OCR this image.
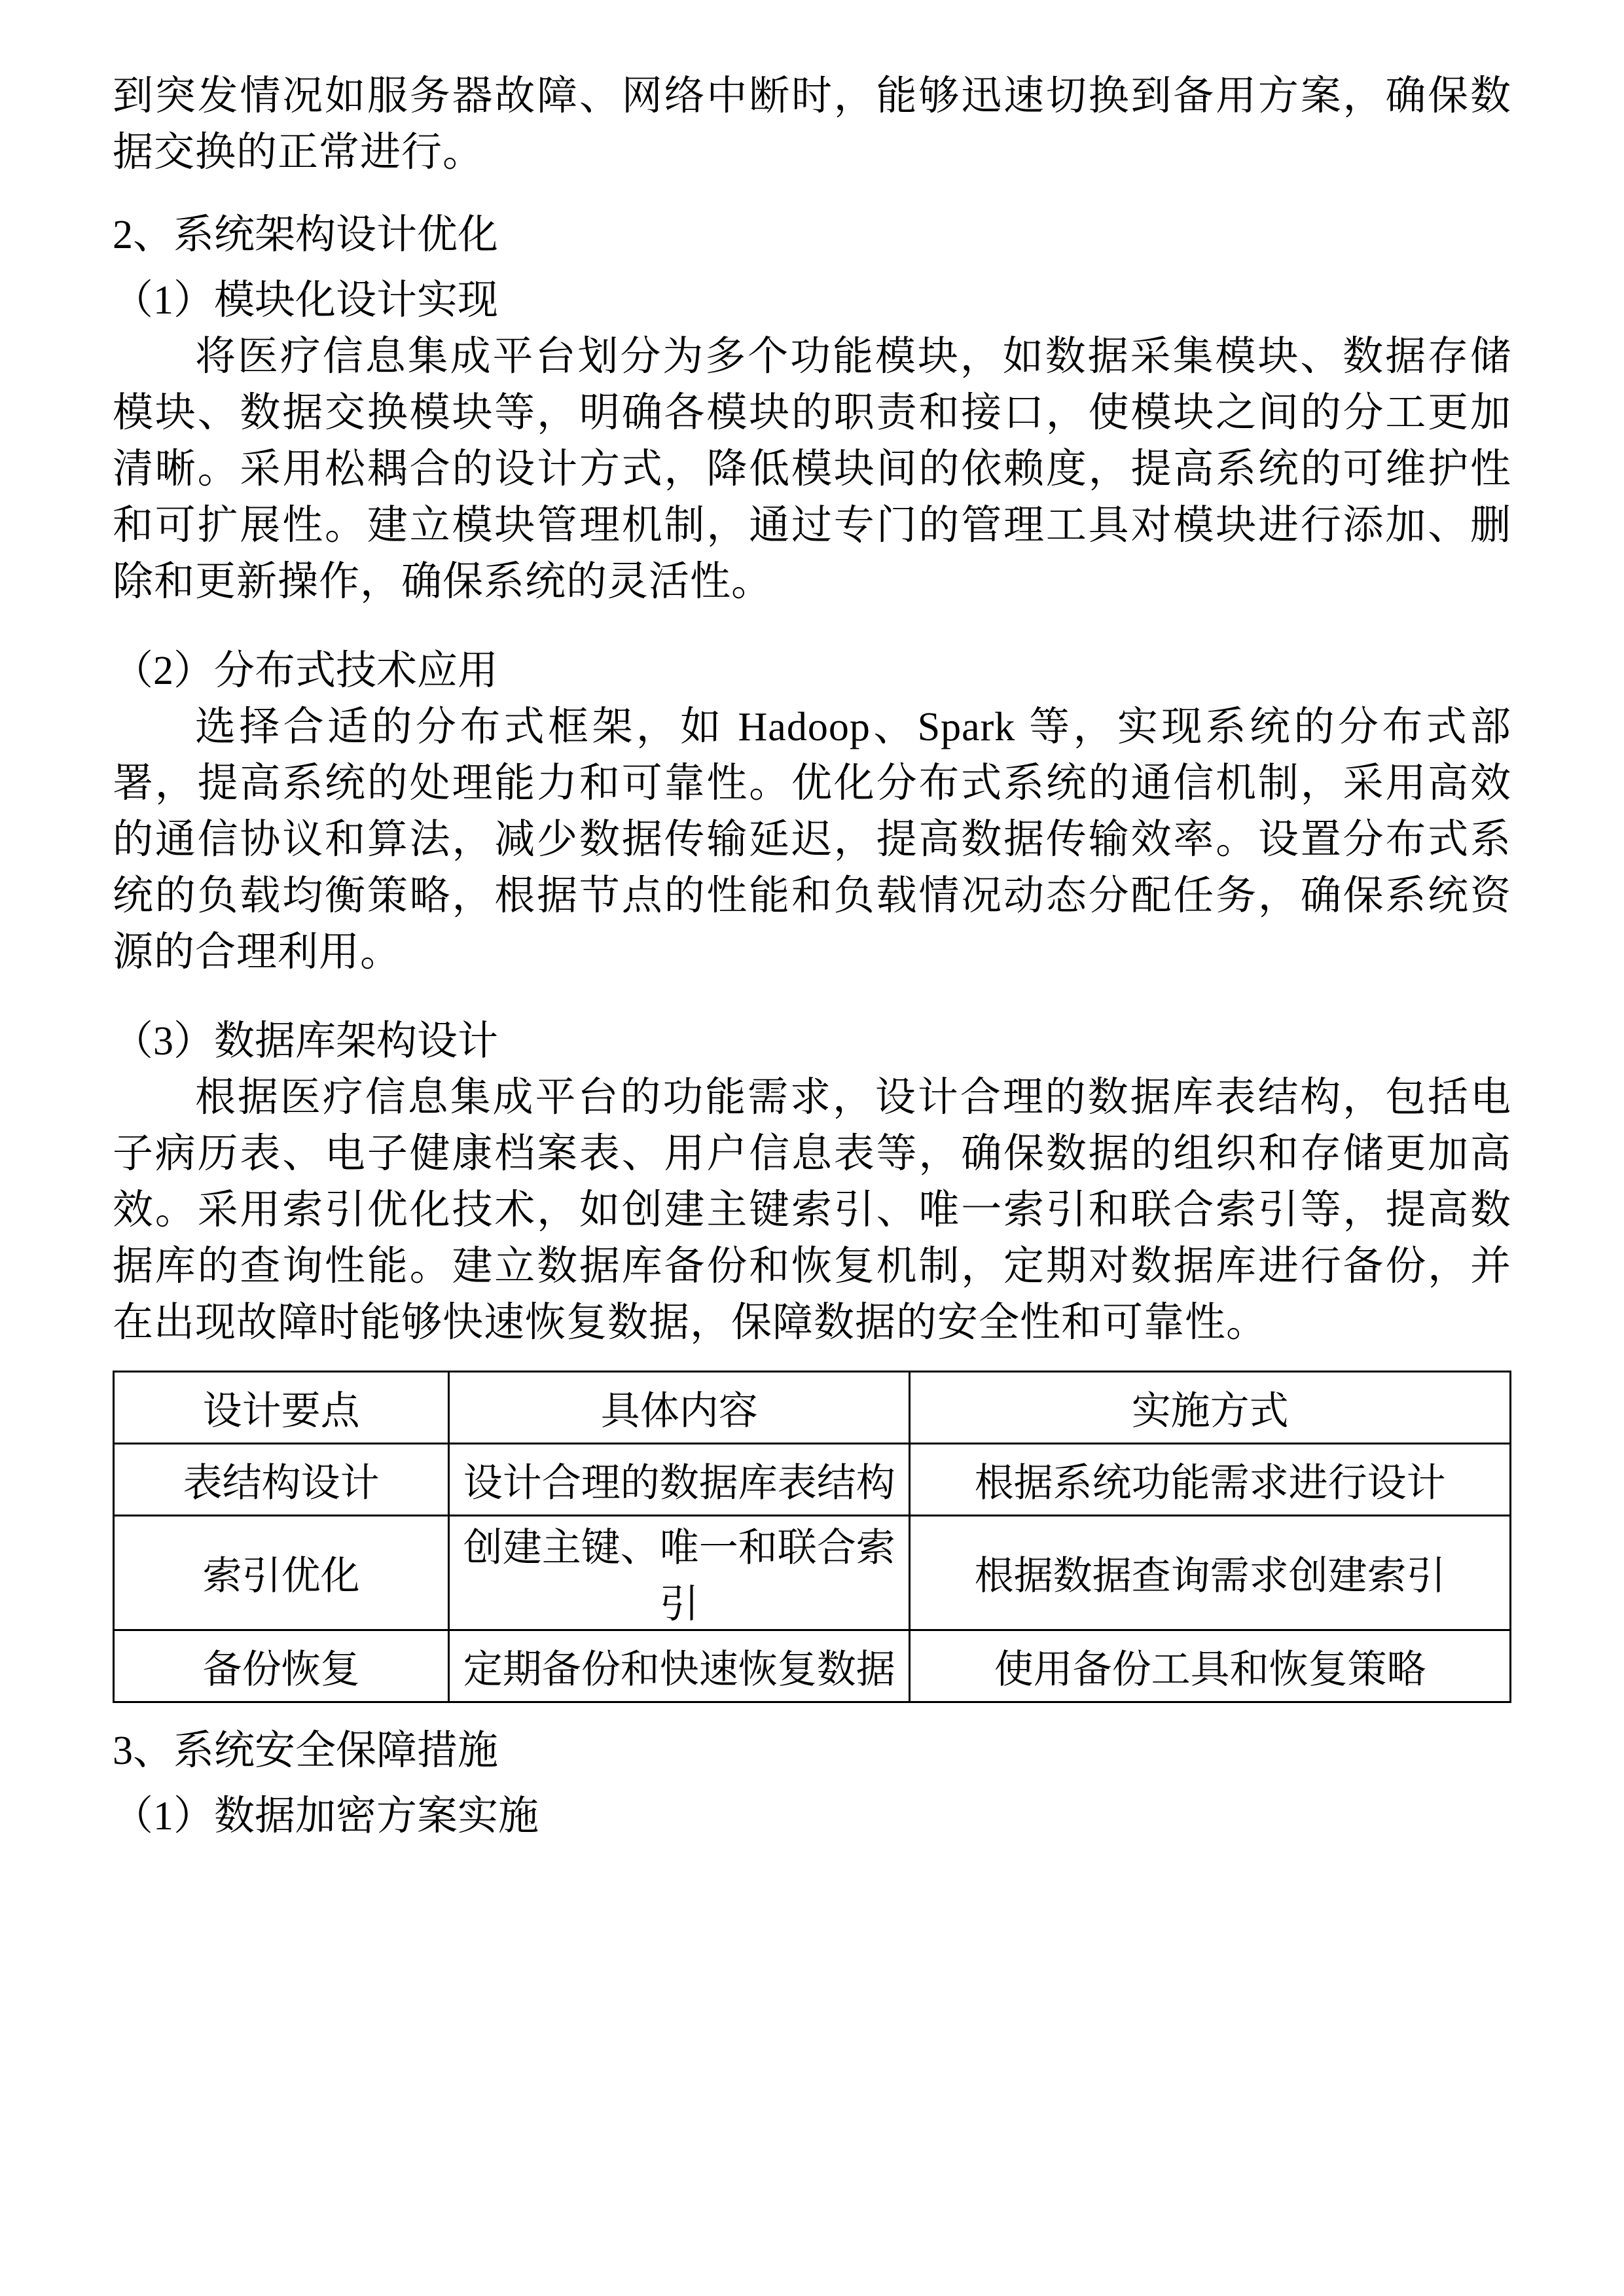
到突发情况如服务器故障、网络中断时，能够迅速切换到备用方案，确保数据交换的正常进行。

2、系统架构设计优化

（1）模块化设计实现

将医疗信息集成平台划分为多个功能模块，如数据采集模块、数据存储模块、数据交换模块等，明确各模块的职责和接口，使模块之间的分工更加清晰。采用松耦合的设计方式，降低模块间的依赖度，提高系统的可维护性和可扩展性。建立模块管理机制，通过专门的管理工具对模块进行添加、删除和更新操作，确保系统的灵活性。

（2）分布式技术应用

选择合适的分布式框架，如 Hadoop、Spark 等，实现系统的分布式部署，提高系统的处理能力和可靠性。优化分布式系统的通信机制，采用高效的通信协议和算法，减少数据传输延迟，提高数据传输效率。设置分布式系统的负载均衡策略，根据节点的性能和负载情况动态分配任务，确保系统资源的合理利用。

（3）数据库架构设计

根据医疗信息集成平台的功能需求，设计合理的数据库表结构，包括电子病历表、电子健康档案表、用户信息表等，确保数据的组织和存储更加高效。采用索引优化技术，如创建主键索引、唯一索引和联合索引等，提高数据库的查询性能。建立数据库备份和恢复机制，定期对数据库进行备份，并在出现故障时能够快速恢复数据，保障数据的安全性和可靠性。

设计要点	具体内容	实施方式
表结构设计	设计合理的数据库表结构	根据系统功能需求进行设计
索引优化	创建主键、唯一和联合索引	根据数据查询需求创建索引
备份恢复	定期备份和快速恢复数据	使用备份工具和恢复策略

3、系统安全保障措施

（1）数据加密方案实施
